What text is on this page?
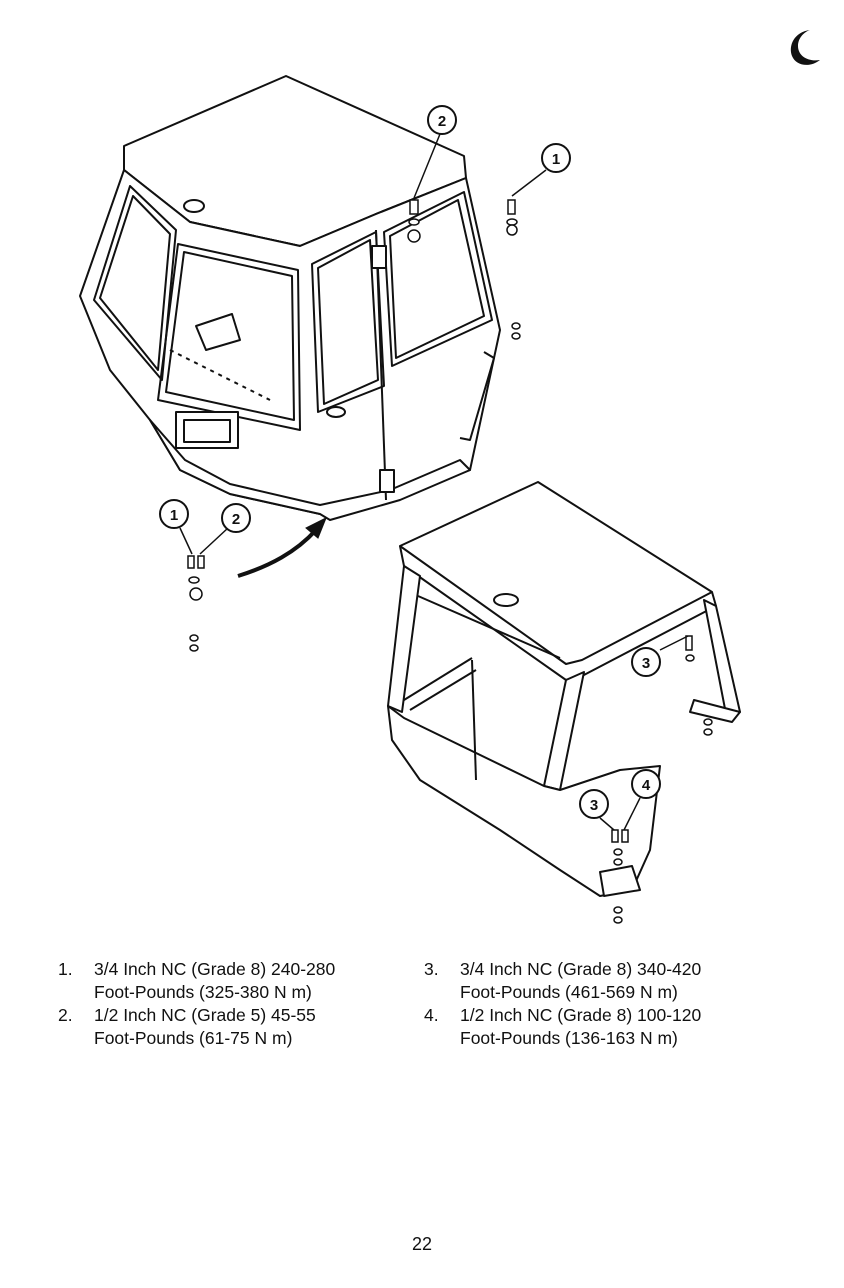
2
1
1	2
3
3
4
1.	3/4 Inch NC (Grade 8) 240-280
Foot-Pounds (325-380 N m)
2.	1/2 Inch NC (Grade 5) 45-55
Foot-Pounds (61-75 N m)
3.	3/4 Inch NC (Grade 8) 340-420
Foot-Pounds (461-569 N m)
4.	1/2 Inch NC (Grade 8) 100-120
Foot-Pounds (136-163 N m)
22
